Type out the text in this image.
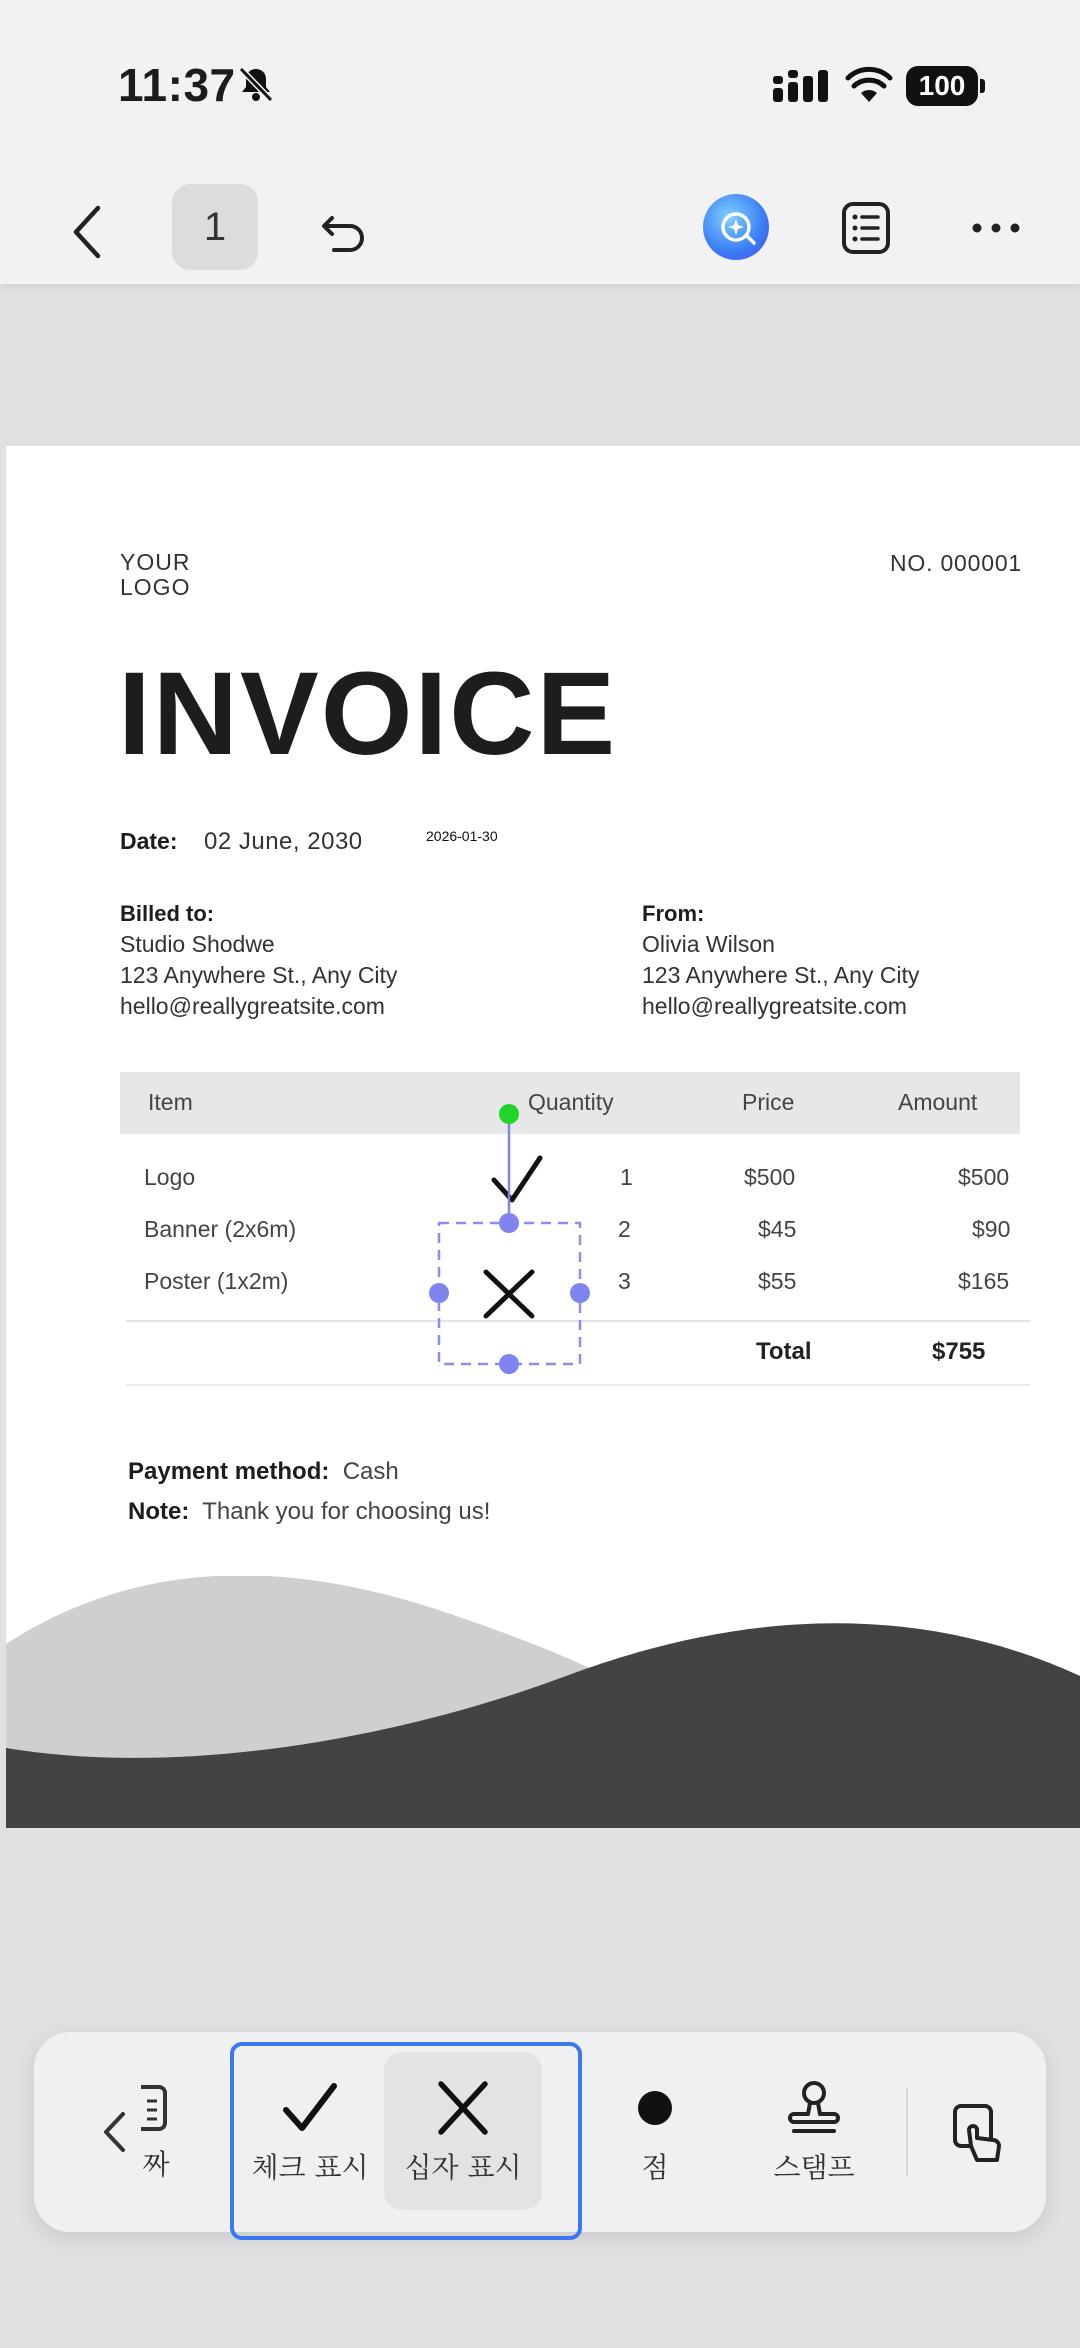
11:37	100
1
YOUR
LOGO
NO. 000001
INVOICE
Date: 02 June, 2030	2026-01-30
Billed to:
Studio Shodwe
123 Anywhere St., Any City
hello@reallygreatsite.com
From:
Olivia Wilson
123 Anywhere St., Any City
hello@reallygreatsite.com
Item	Quantity	Price	Amount
Logo	1	$500	$500
Banner (2x6m)	2	$45	$90
Poster (1x2m)	3	$55	$165
Total	$755
Payment method: Cash
Note: Thank you for choosing us!
짜	체크 표시 십자 표시	점	스탬프
